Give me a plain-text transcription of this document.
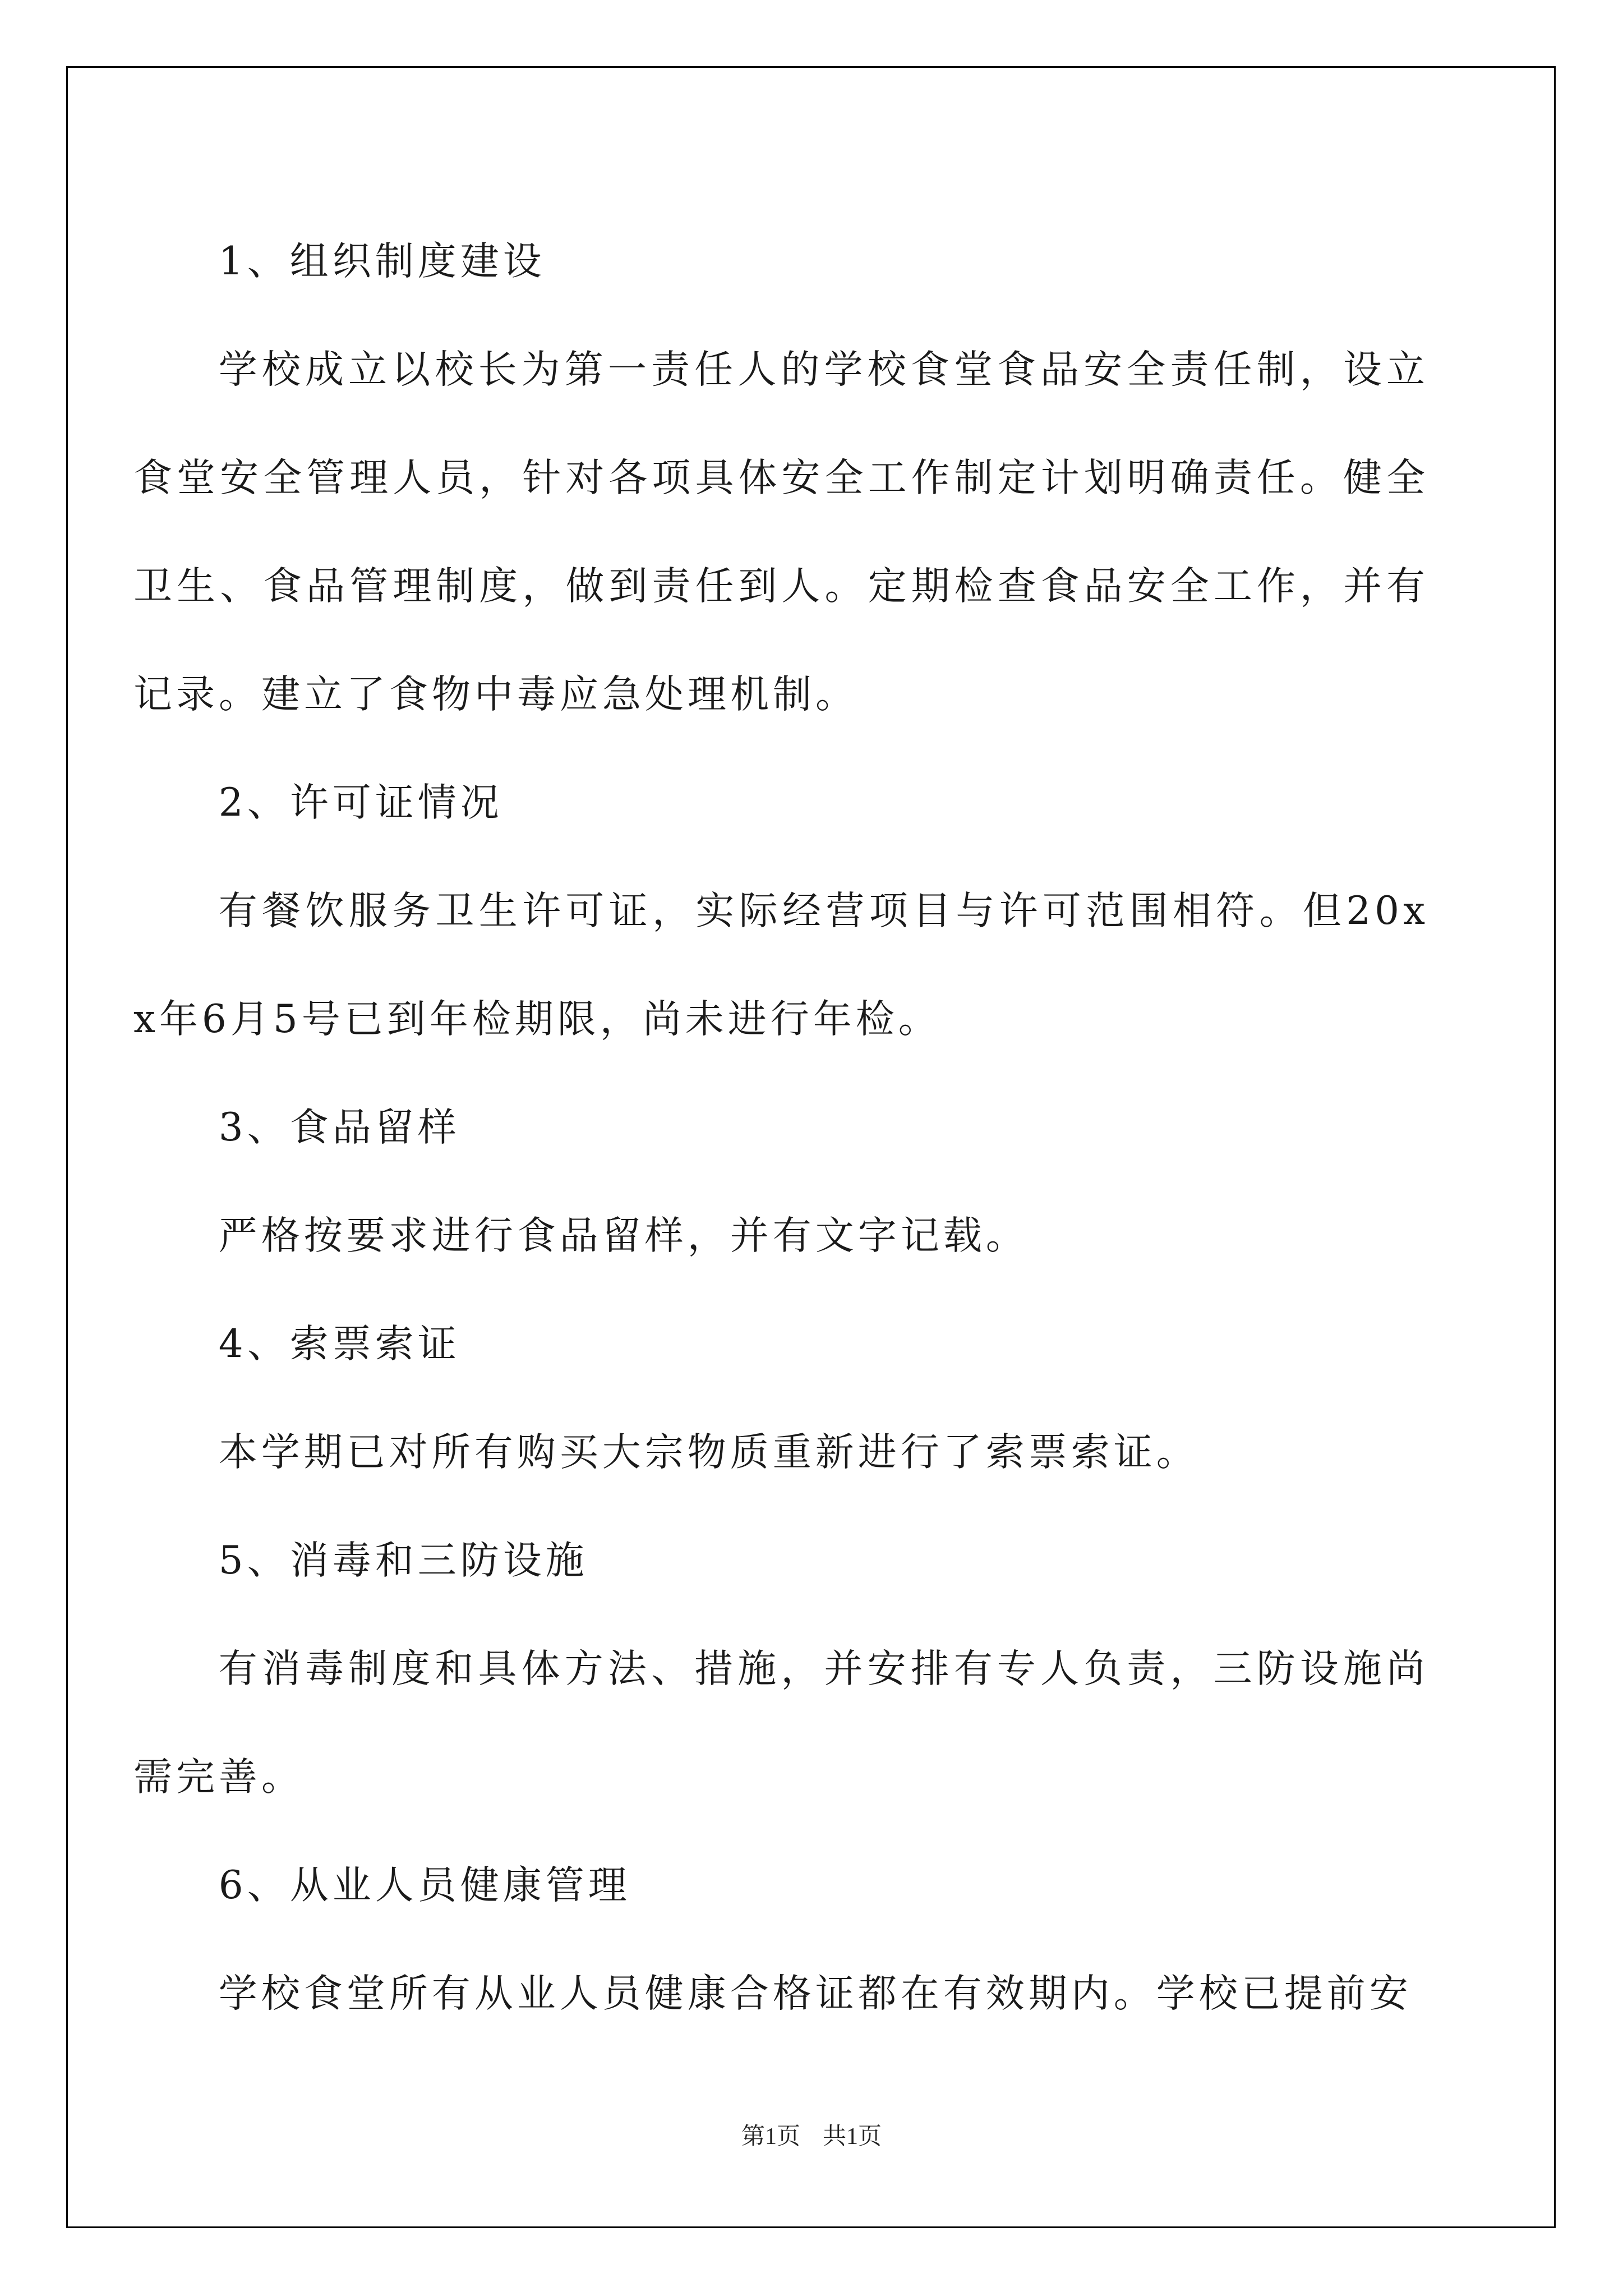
1、组织制度建设

学校成立以校长为第一责任人的学校食堂食品安全责任制，设立食堂安全管理人员，针对各项具体安全工作制定计划明确责任。健全卫生、食品管理制度，做到责任到人。定期检查食品安全工作，并有记录。建立了食物中毒应急处理机制。

2、许可证情况

有餐饮服务卫生许可证，实际经营项目与许可范围相符。但20xx年6月5号已到年检期限，尚未进行年检。

3、食品留样

严格按要求进行食品留样，并有文字记载。

4、索票索证

本学期已对所有购买大宗物质重新进行了索票索证。

5、消毒和三防设施

有消毒制度和具体方法、措施，并安排有专人负责，三防设施尚需完善。

6、从业人员健康管理

学校食堂所有从业人员健康合格证都在有效期内。学校已提前安

第1页 共1页
